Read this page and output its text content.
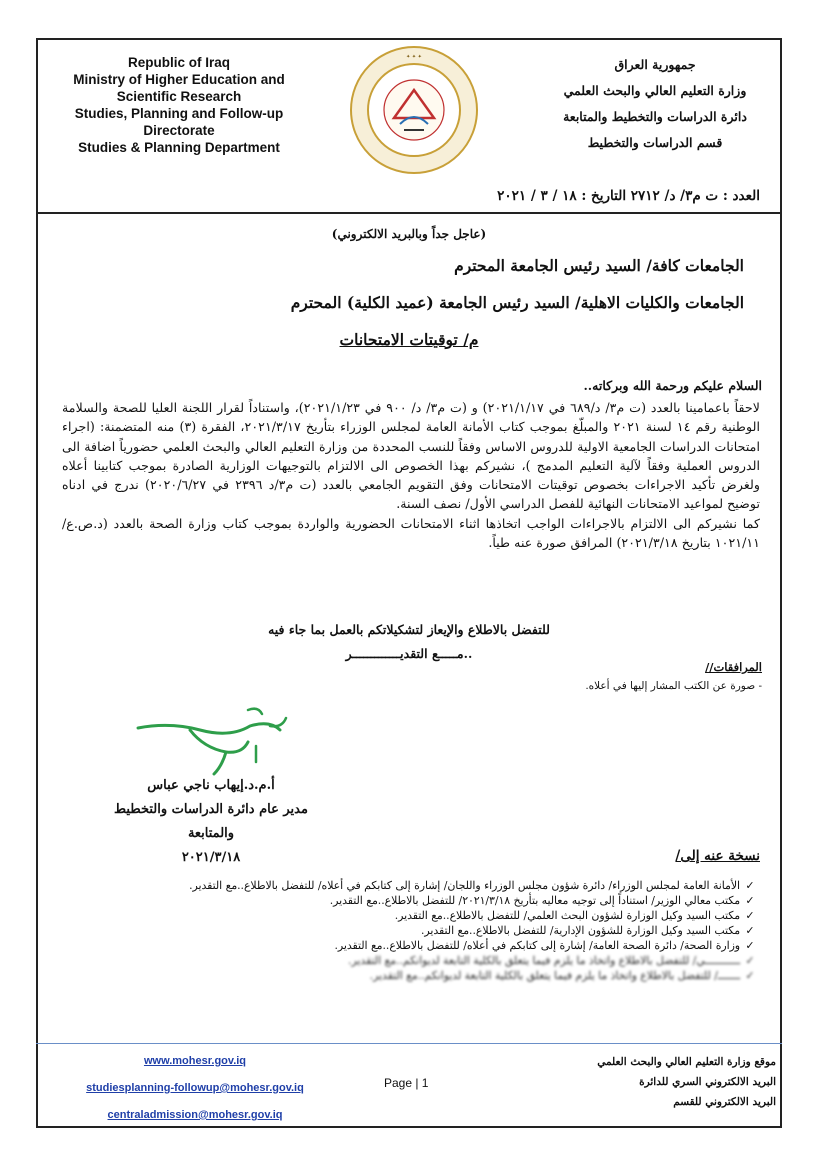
Republic of Iraq
Ministry of Higher Education and
Scientific Research
Studies, Planning and Follow-up
Directorate
Studies & Planning Department
✦ ✦ ✦	جمهورية العراق
وزارة التعليم العالي والبحث العلمي
دائرة الدراسات والتخطيط والمتابعة
قسم الدراسات والتخطيط
العدد : ت م٣/ د/ ٢٧١٢ التاريخ : ١٨ / ٣ / ٢٠٢١
(عاجل جداً وبالبريد الالكتروني)
الجامعات كافة/ السيد رئيس الجامعة المحترم
الجامعات والكليات الاهلية/ السيد رئيس الجامعة (عميد الكلية) المحترم
م/ توقيتات الامتحانات
السلام عليكم ورحمة الله وبركاته..

لاحقاً باعمامينا بالعدد (ت م٣/ د/٦٨٩ في ٢٠٢١/١/١٧) و (ت م٣/ د/ ٩٠٠ في ٢٠٢١/١/٢٣)، واستناداً لقرار اللجنة العليا للصحة والسلامة الوطنية رقم ١٤ لسنة ٢٠٢١ والمبلّغ بموجب كتاب الأمانة العامة لمجلس الوزراء بتأريخ ٢٠٢١/٣/١٧، الفقرة (٣) منه المتضمنة: (اجراء امتحانات الدراسات الجامعية الاولية للدروس الاساس وفقاً للنسب المحددة من وزارة التعليم العالي والبحث العلمي حضورياً اضافة الى الدروس العملية وفقاً لآلية التعليم المدمج )، نشيركم بهذا الخصوص الى الالتزام بالتوجيهات الوزارية الصادرة بموجب كتابينا أعلاه ولغرض تأكيد الاجراءات بخصوص توقيتات الامتحانات وفق التقويم الجامعي بالعدد (ت م٣/د ٢٣٩٦ في ٢٠٢٠/٦/٢٧) ندرج في ادناه توضيح لمواعيد الامتحانات النهائية للفصل الدراسي الأول/ نصف السنة.

كما نشيركم الى الالتزام بالاجراءات الواجب اتخاذها اثناء الامتحانات الحضورية والواردة بموجب كتاب وزارة الصحة بالعدد (د.ص.ع/١٠٢١/١١ بتاريخ ٢٠٢١/٣/١٨) المرافق صورة عنه طياً.

للتفضل بالاطلاع والإيعاز لتشكيلاتكم بالعمل بما جاء فيه
..مـــــع التقديـــــــــــــر
المرافقات//
- صورة عن الكتب المشار إليها في أعلاه.
أ.م.د.إيهاب ناجي عباس
مدير عام دائرة الدراسات والتخطيط والمتابعة
٢٠٢١/٣/١٨	نسخة عنه إلى/
✓
الأمانة العامة لمجلس الوزراء/ دائرة شؤون مجلس الوزراء واللجان/ إشارة إلى كتابكم في أعلاه/ للتفضل بالاطلاع..مع التقدير.
✓
مكتب معالي الوزير/ استناداً إلى توجيه معاليه بتأريخ ٢٠٢١/٣/١٨/ للتفضل بالاطلاع..مع التقدير.
✓
مكتب السيد وكيل الوزارة لشؤون البحث العلمي/ للتفضل بالاطلاع..مع التقدير.
✓
مكتب السيد وكيل الوزارة للشؤون الإدارية/ للتفضل بالاطلاع..مع التقدير.
✓
وزارة الصحة/ دائرة الصحة العامة/ إشارة إلى كتابكم في أعلاه/ للتفضل بالاطلاع..مع التقدير.
✓
ـــــــــــي/ للتفضل بالاطلاع واتخاذ ما يلزم فيما يتعلق بالكلية التابعة لديوانكم..مع التقدير.
✓
ـــــــ/ للتفضل بالاطلاع واتخاذ ما يلزم فيما يتعلق بالكلية التابعة لديوانكم..مع التقدير.
www.mohesr.gov.iq
studiesplanning-followup@mohesr.gov.iq
centraladmission@mohesr.gov.iq
Page | 1
موقع وزارة التعليم العالي والبحث العلمي
البريد الالكتروني السري للدائرة
البريد الالكتروني للقسم
